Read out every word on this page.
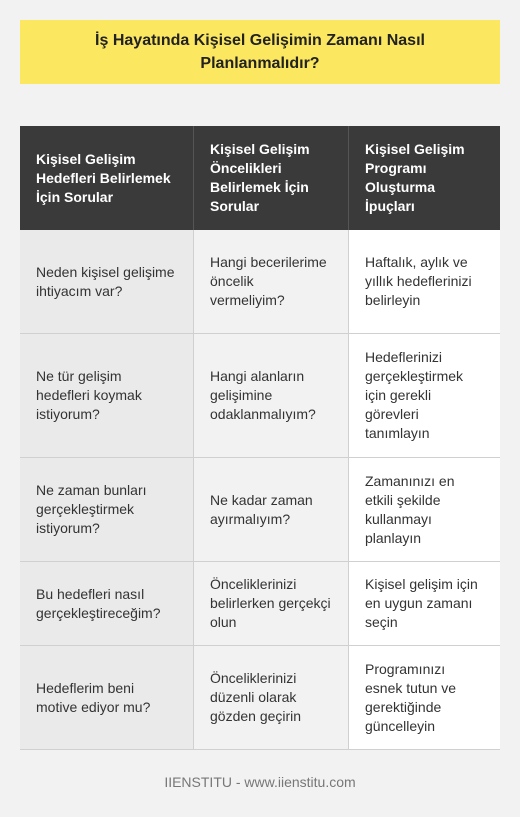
İş Hayatında Kişisel Gelişimin Zamanı Nasıl Planlanmalıdır?
Kişisel Gelişim Hedefleri Belirlemek İçin Sorular
Kişisel Gelişim Öncelikleri Belirlemek İçin Sorular
Kişisel Gelişim Programı Oluşturma İpuçları
Neden kişisel gelişime ihtiyacım var?
Hangi becerilerime öncelik vermeliyim?
Haftalık, aylık ve yıllık hedeflerinizi belirleyin
Ne tür gelişim hedefleri koymak istiyorum?
Hangi alanların gelişimine odaklanmalıyım?
Hedeflerinizi gerçekleştirmek için gerekli görevleri tanımlayın
Ne zaman bunları gerçekleştirmek istiyorum?
Ne kadar zaman ayırmalıyım?
Zamanınızı en etkili şekilde kullanmayı planlayın
Bu hedefleri nasıl gerçekleştireceğim?
Önceliklerinizi belirlerken gerçekçi olun
Kişisel gelişim için en uygun zamanı seçin
Hedeflerim beni motive ediyor mu?
Önceliklerinizi düzenli olarak gözden geçirin
Programınızı esnek tutun ve gerektiğinde güncelleyin
IIENSTITU - www.iienstitu.com
